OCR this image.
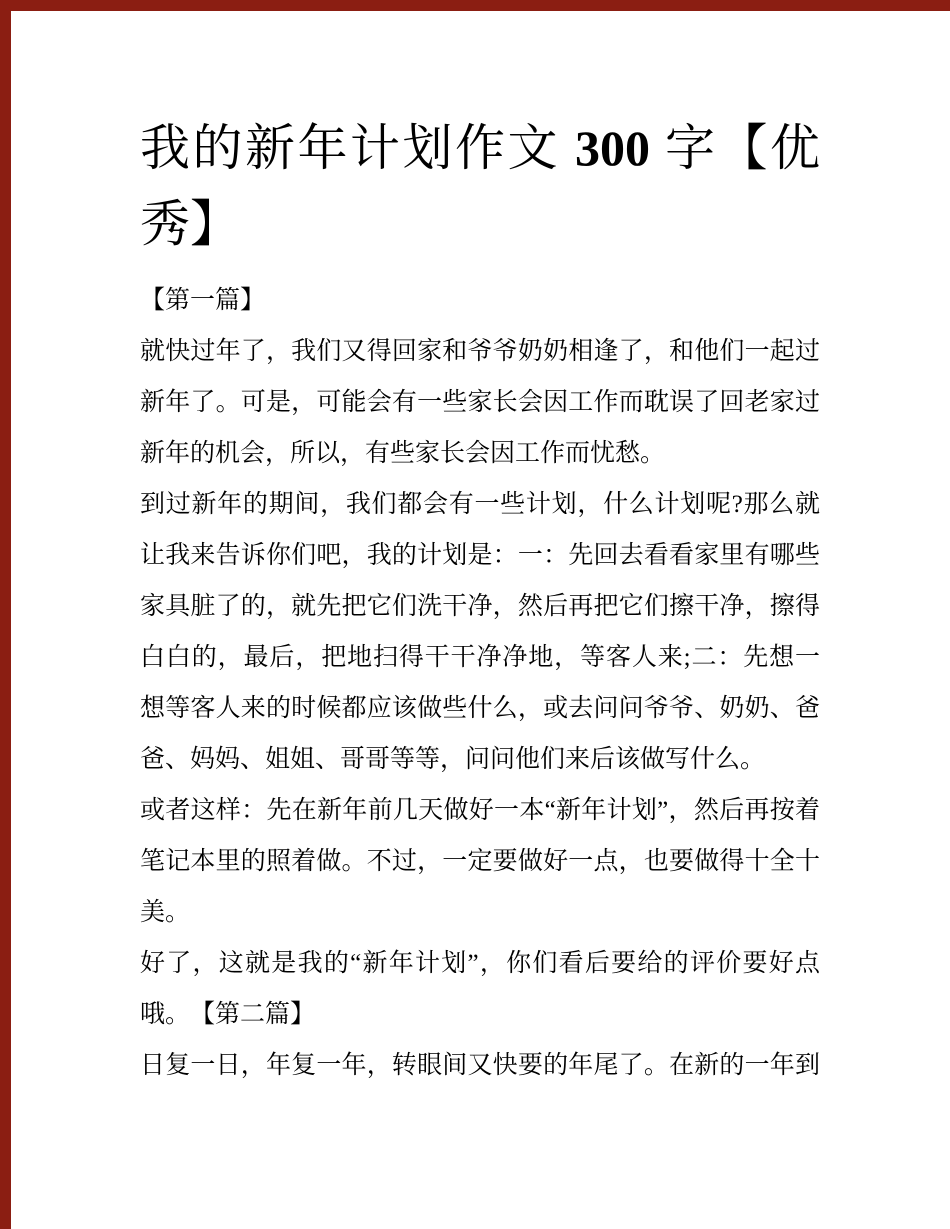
我的新年计划作文 300 字【优
秀】
【第一篇】
就快过年了，我们又得回家和爷爷奶奶相逢了，和他们一起过
新年了。可是，可能会有一些家长会因工作而耽误了回老家过
新年的机会，所以，有些家长会因工作而忧愁。
到过新年的期间，我们都会有一些计划，什么计划呢?那么就
让我来告诉你们吧，我的计划是：一：先回去看看家里有哪些
家具脏了的，就先把它们洗干净，然后再把它们擦干净，擦得
白白的，最后，把地扫得干干净净地，等客人来;二：先想一
想等客人来的时候都应该做些什么，或去问问爷爷、奶奶、爸
爸、妈妈、姐姐、哥哥等等，问问他们来后该做写什么。
或者这样：先在新年前几天做好一本“新年计划”，然后再按着
笔记本里的照着做。不过，一定要做好一点，也要做得十全十
美。
好了，这就是我的“新年计划”，你们看后要给的评价要好点
哦。　【第二篇】
日复一日，年复一年，转眼间又快要的年尾了。在新的一年到
